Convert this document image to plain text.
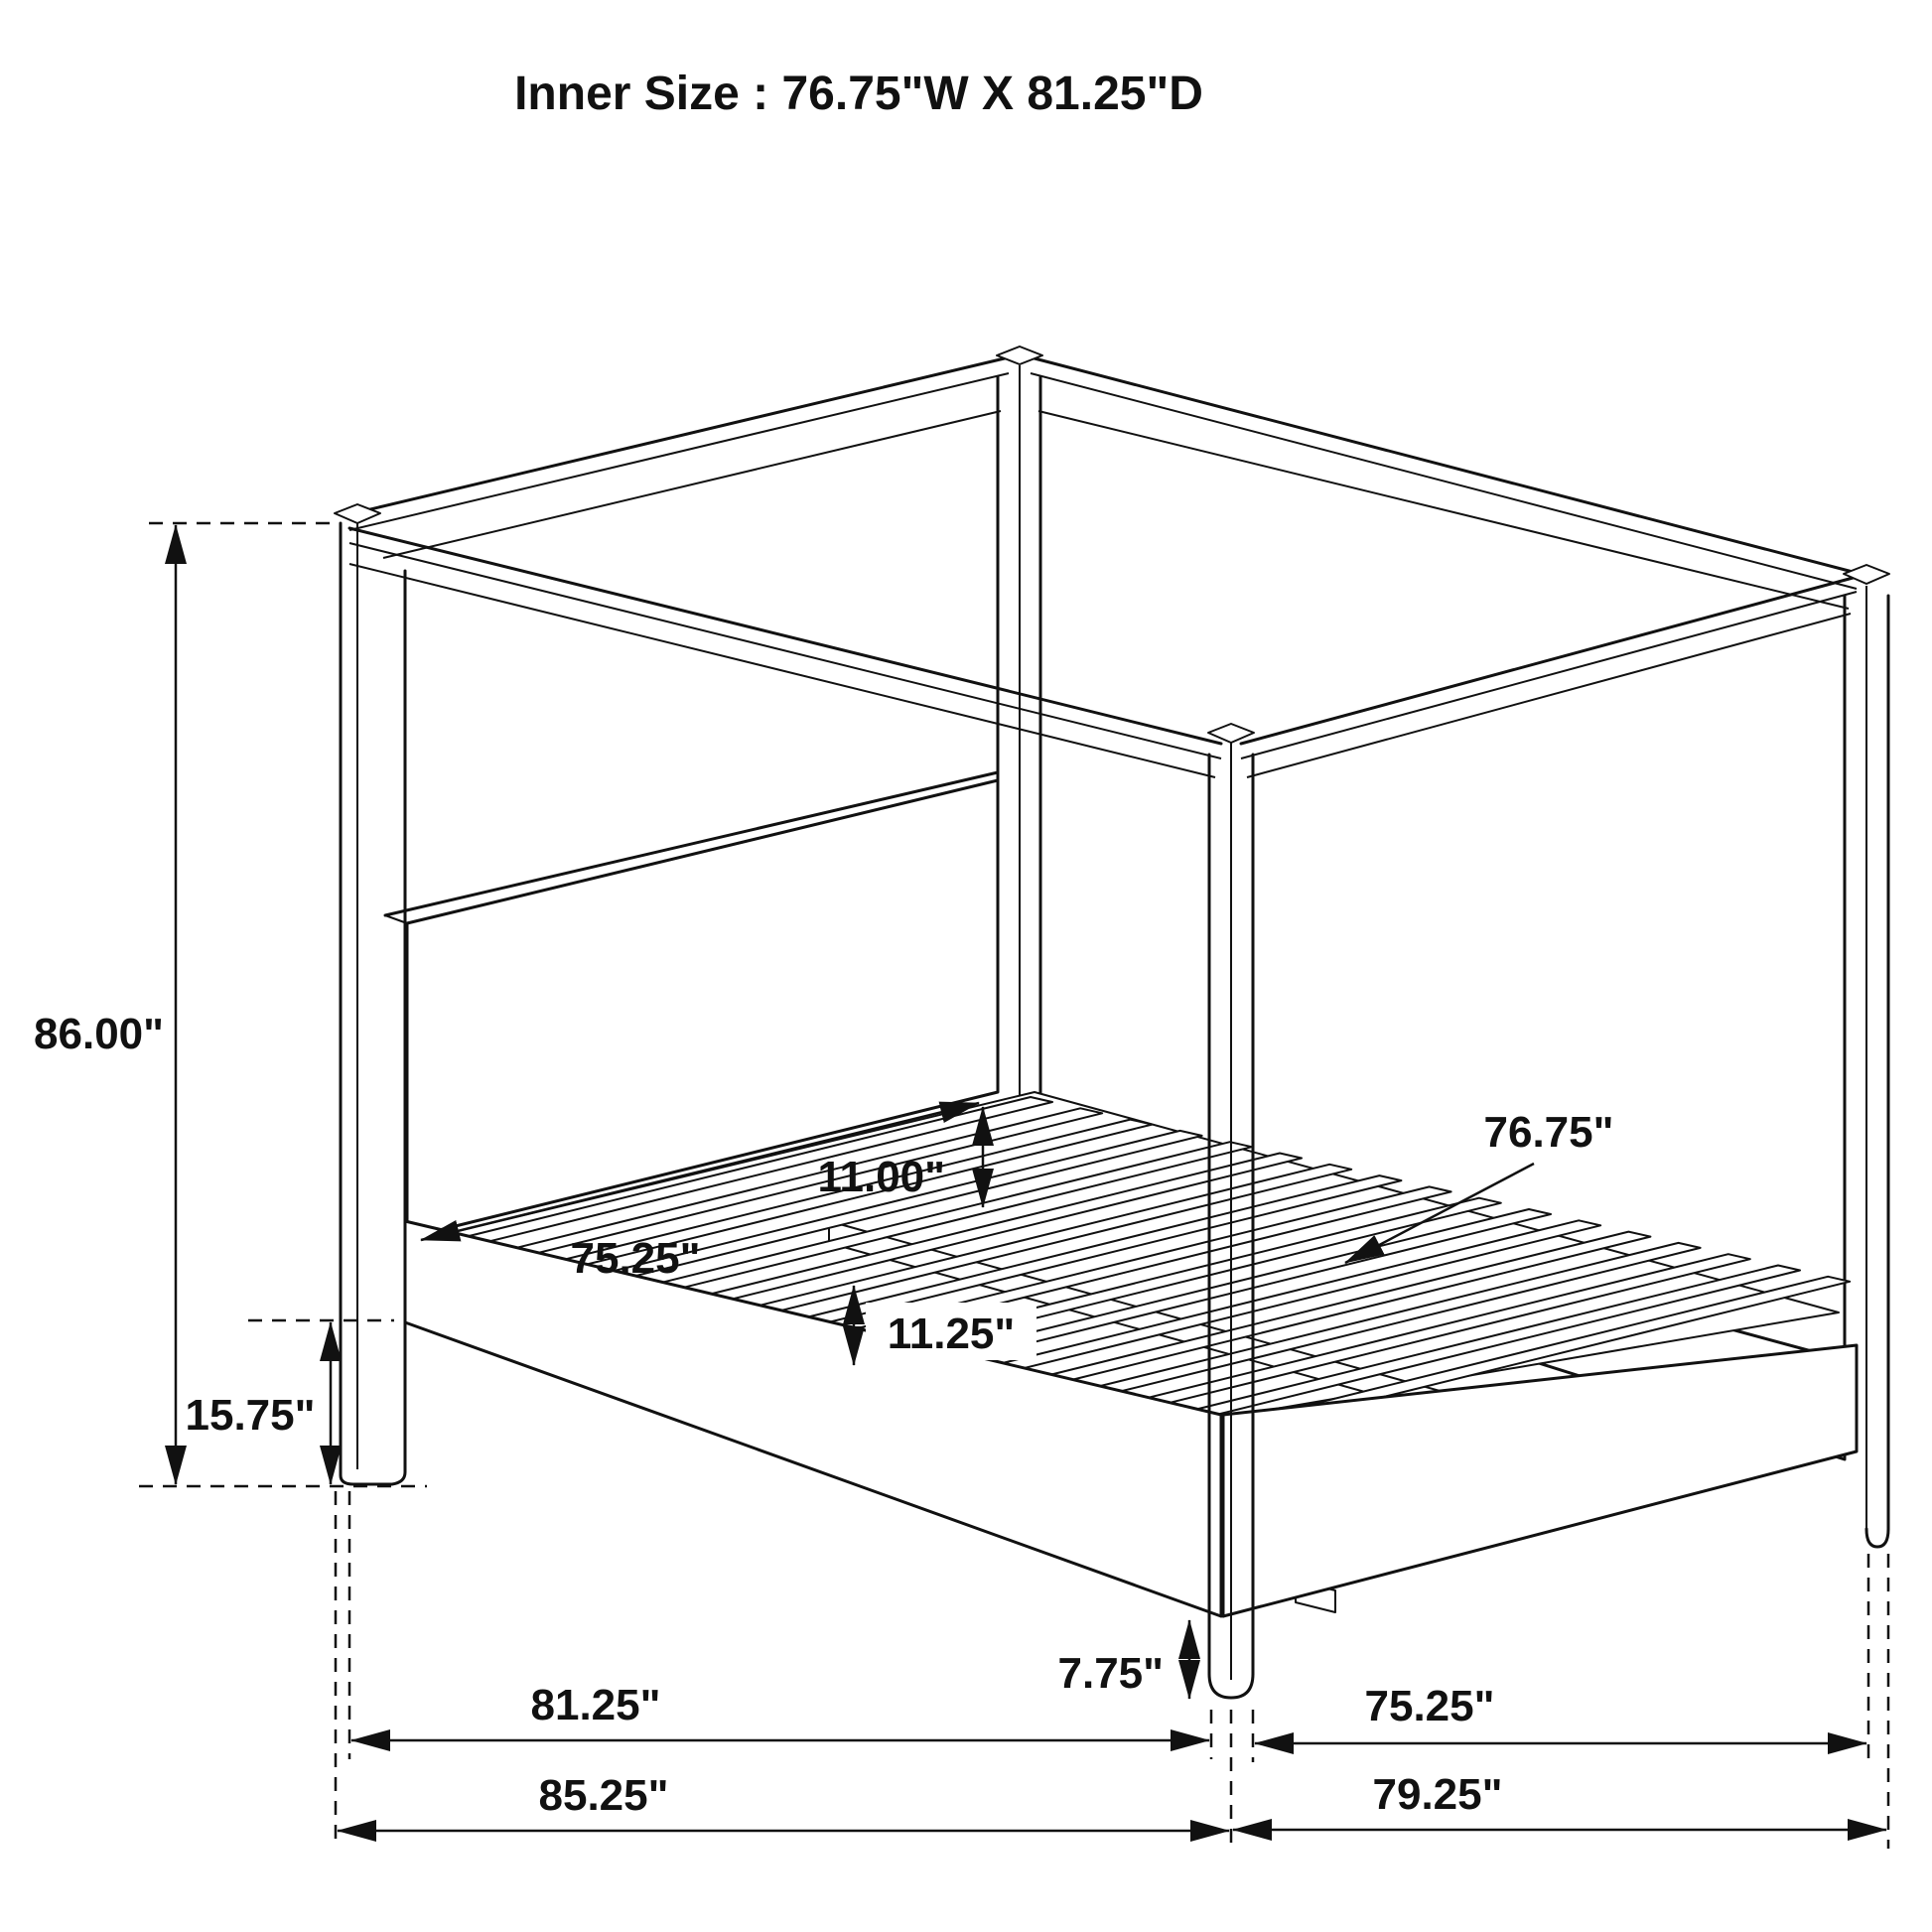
Inner Size : 76.75"W X 81.25"D
86.00"
15.75"
11.00"
11.25"
75.25"
76.75"
7.75"
81.25"
85.25"
75.25"
79.25"
